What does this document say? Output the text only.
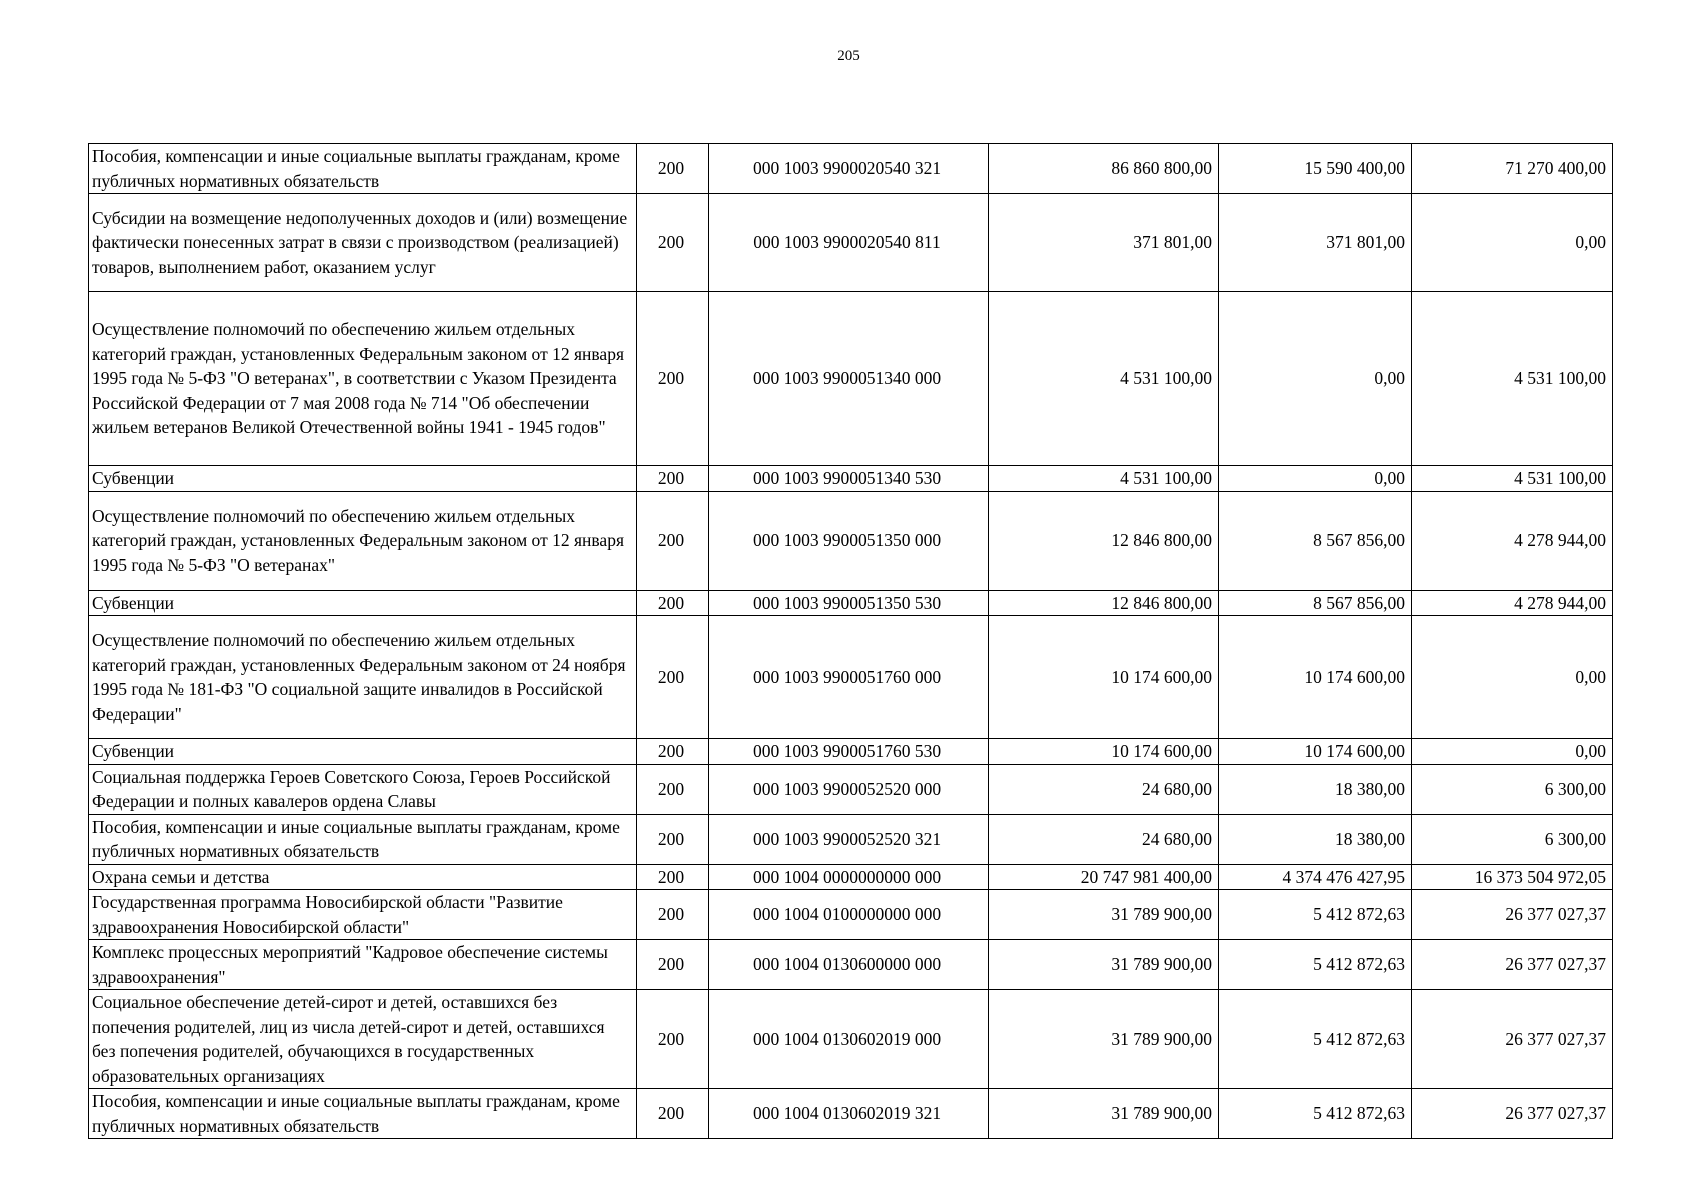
205
Пособия, компенсации и иные социальные выплаты гражданам, кроме публичных нормативных обязательств	200	000 1003 9900020540 321	86 860 800,00	15 590 400,00	71 270 400,00
Субсидии на возмещение недополученных доходов и (или) возмещение фактически понесенных затрат в связи с производством (реализацией) товаров, выполнением работ, оказанием услуг	200	000 1003 9900020540 811	371 801,00	371 801,00	0,00
Осуществление полномочий по обеспечению жильем отдельных категорий граждан, установленных Федеральным законом от 12 января 1995 года № 5-ФЗ "О ветеранах", в соответствии с Указом Президента Российской Федерации от 7 мая 2008 года № 714 "Об обеспечении жильем ветеранов Великой Отечественной войны 1941 - 1945 годов"	200	000 1003 9900051340 000	4 531 100,00	0,00	4 531 100,00
Субвенции	200	000 1003 9900051340 530	4 531 100,00	0,00	4 531 100,00
Осуществление полномочий по обеспечению жильем отдельных категорий граждан, установленных Федеральным законом от 12 января 1995 года № 5-ФЗ "О ветеранах"	200	000 1003 9900051350 000	12 846 800,00	8 567 856,00	4 278 944,00
Субвенции	200	000 1003 9900051350 530	12 846 800,00	8 567 856,00	4 278 944,00
Осуществление полномочий по обеспечению жильем отдельных категорий граждан, установленных Федеральным законом от 24 ноября 1995 года № 181-ФЗ "О социальной защите инвалидов в Российской Федерации"	200	000 1003 9900051760 000	10 174 600,00	10 174 600,00	0,00
Субвенции	200	000 1003 9900051760 530	10 174 600,00	10 174 600,00	0,00
Социальная поддержка Героев Советского Союза, Героев Российской Федерации и полных кавалеров ордена Славы	200	000 1003 9900052520 000	24 680,00	18 380,00	6 300,00
Пособия, компенсации и иные социальные выплаты гражданам, кроме публичных нормативных обязательств	200	000 1003 9900052520 321	24 680,00	18 380,00	6 300,00
Охрана семьи и детства	200	000 1004 0000000000 000	20 747 981 400,00	4 374 476 427,95	16 373 504 972,05
Государственная программа Новосибирской области "Развитие здравоохранения Новосибирской области"	200	000 1004 0100000000 000	31 789 900,00	5 412 872,63	26 377 027,37
Комплекс процессных мероприятий "Кадровое обеспечение системы здравоохранения"	200	000 1004 0130600000 000	31 789 900,00	5 412 872,63	26 377 027,37
Социальное обеспечение детей-сирот и детей, оставшихся без попечения родителей, лиц из числа детей-сирот и детей, оставшихся без попечения родителей, обучающихся в государственных образовательных организациях	200	000 1004 0130602019 000	31 789 900,00	5 412 872,63	26 377 027,37
Пособия, компенсации и иные социальные выплаты гражданам, кроме публичных нормативных обязательств	200	000 1004 0130602019 321	31 789 900,00	5 412 872,63	26 377 027,37
